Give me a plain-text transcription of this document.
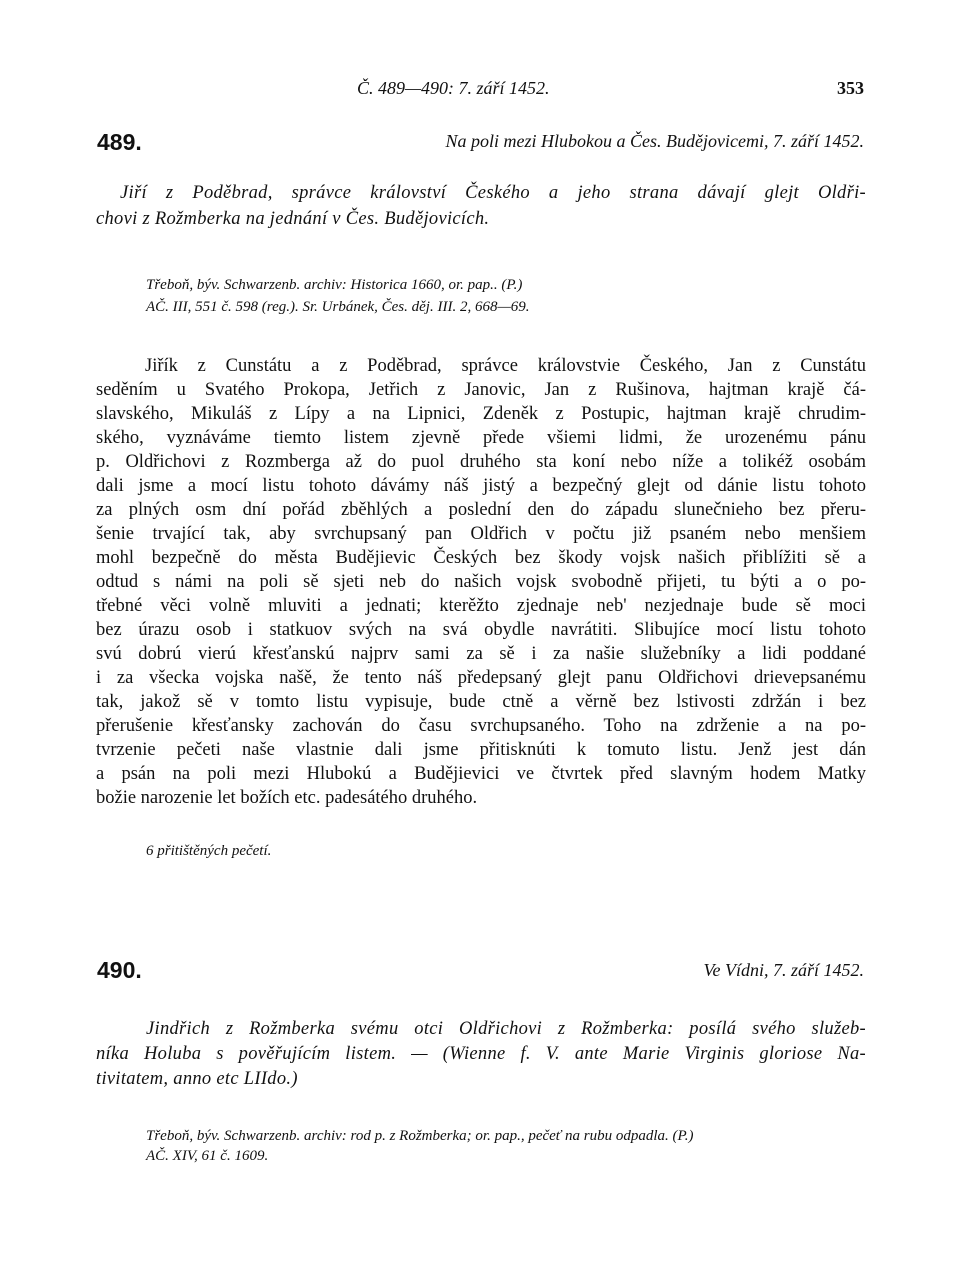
Č. 489—490: 7. září 1452.	353
489.	Na poli mezi Hlubokou a Čes. Budějovicemi, 7. září 1452.
Jiří z Poděbrad, správce království Českého a jeho strana dávají glejt Oldři-
chovi z Rožmberka na jednání v Čes. Budějovicích.
Třeboň, býv. Schwarzenb. archiv: Historica 1660, or. pap.. (P.)
AČ. III, 551 č. 598 (reg.). Sr. Urbánek, Čes. děj. III. 2, 668—69.
Jiřík z Cunstátu a z Poděbrad, správce královstvie Českého, Jan z Cunstátu
seděním u Svatého Prokopa, Jetřich z Janovic, Jan z Rušinova, hajtman krajě čá-
slavského, Mikuláš z Lípy a na Lipnici, Zdeněk z Postupic, hajtman krajě chrudim-
ského, vyznáváme tiemto listem zjevně přede všiemi lidmi, že urozenému pánu
p. Oldřichovi z Rozmberga až do puol druhého sta koní nebo níže a tolikéž osobám
dali jsme a mocí listu tohoto dávámy náš jistý a bezpečný glejt od dánie listu tohoto
za plných osm dní pořád zběhlých a poslední den do západu slunečnieho bez přeru-
šenie trvající tak, aby svrchupsaný pan Oldřich v počtu již psaném nebo menšiem
mohl bezpečně do města Budějievic Českých bez škody vojsk našich přiblížiti sě a
odtud s námi na poli sě sjeti neb do našich vojsk svobodně přijeti, tu býti a o po-
třebné věci volně mluviti a jednati; kterěžto zjednaje neb' nezjednaje bude sě moci
bez úrazu osob i statkuov svých na svá obydle navrátiti. Slibujíce mocí listu tohoto
svú dobrú vierú křesťanskú najprv sami za sě i za našie služebníky a lidi poddané
i za všecka vojska našě, že tento náš předepsaný glejt panu Oldřichovi drievepsanému
tak, jakož sě v tomto listu vypisuje, bude ctně a věrně bez lstivosti zdržán i bez
přerušenie křesťansky zachován do času svrchupsaného. Toho na zdrženie a na po-
tvrzenie pečeti naše vlastnie dali jsme přitisknúti k tomuto listu. Jenž jest dán
a psán na poli mezi Hlubokú a Budějievici ve čtvrtek před slavným hodem Matky
božie narozenie let božích etc. padesátého druhého.
6 přitištěných pečetí.
490.	Ve Vídni, 7. září 1452.
Jindřich z Rožmberka svému otci Oldřichovi z Rožmberka: posílá svého služeb-
níka Holuba s pověřujícím listem. — (Wienne f. V. ante Marie Virginis gloriose Na-
tivitatem, anno etc LIIdo.)
Třeboň, býv. Schwarzenb. archiv: rod p. z Rožmberka; or. pap., pečeť na rubu odpadla. (P.)
AČ. XIV, 61 č. 1609.
